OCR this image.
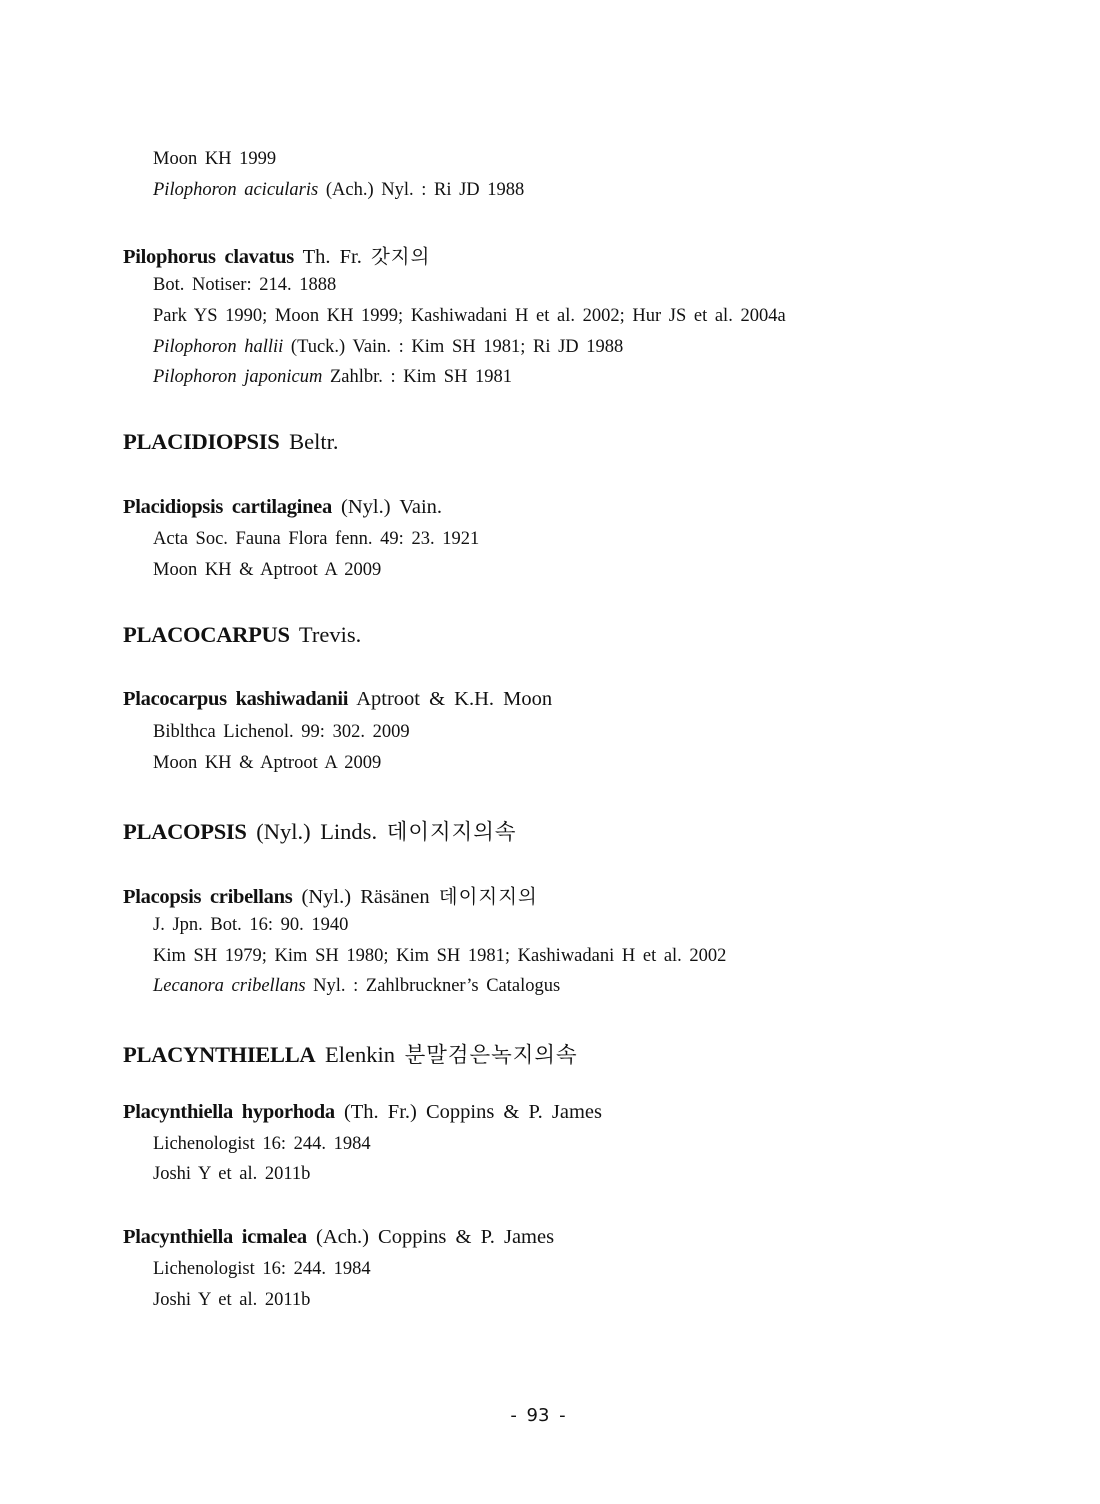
Moon KH 1999
Pilophoron acicularis (Ach.) Nyl. : Ri JD 1988
Pilophorus clavatus Th. Fr. 갓지의
Bot. Notiser: 214. 1888
Park YS 1990; Moon KH 1999; Kashiwadani H et al. 2002; Hur JS et al. 2004a
Pilophoron hallii (Tuck.) Vain. : Kim SH 1981; Ri JD 1988
Pilophoron japonicum Zahlbr. : Kim SH 1981
PLACIDIOPSIS Beltr.
Placidiopsis cartilaginea (Nyl.) Vain.
Acta Soc. Fauna Flora fenn. 49: 23. 1921
Moon KH & Aptroot A 2009
PLACOCARPUS Trevis.
Placocarpus kashiwadanii Aptroot & K.H. Moon
Biblthca Lichenol. 99: 302. 2009
Moon KH & Aptroot A 2009
PLACOPSIS (Nyl.) Linds. 데이지지의속
Placopsis cribellans (Nyl.) Räsänen 데이지지의
J. Jpn. Bot. 16: 90. 1940
Kim SH 1979; Kim SH 1980; Kim SH 1981; Kashiwadani H et al. 2002
Lecanora cribellans Nyl. : Zahlbruckner’s Catalogus
PLACYNTHIELLA Elenkin 분말검은녹지의속
Placynthiella hyporhoda (Th. Fr.) Coppins & P. James
Lichenologist 16: 244. 1984
Joshi Y et al. 2011b
Placynthiella icmalea (Ach.) Coppins & P. James
Lichenologist 16: 244. 1984
Joshi Y et al. 2011b
- 93 -
